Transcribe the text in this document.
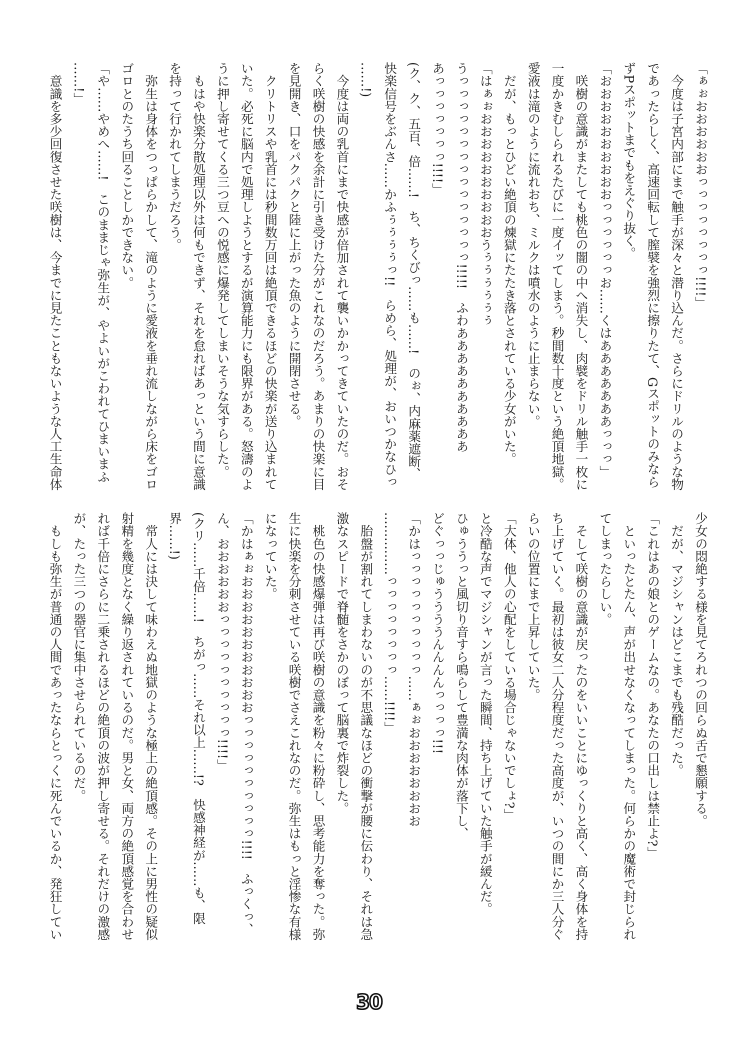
「ぁぉおおおおおおっっっっっっっっ!!!!」
　今度は子宮内部にまで触手が深々と潜り込んだ。さらにドリルのような物
であったらしく、高速回転して膣襞を強烈に擦りたて、Gスポットのみなら
ずPスポットまでもをえぐり抜く。
「おおおおおおおおおおっっっっっっお……くはあああああああっっっ」
　咲樹の意識がまたしても桃色の闇の中へ消失し、肉襞をドリル触手一枚に
一度かきむしられるたびに一度イッてしまう。秒間数十度という絶頂地獄。
愛液は滝のように流れおち、ミルクは噴水のように止まらない。
　だが、もっとひどい絶頂の煉獄にたたき落とされている少女がいた。
「はぁぉおおおおおおおおおおうぅぅぅぅぅぅ
うっっっっっっっっっっっっっっっ!!!!!　ふわああああああああああ
あっっっっっっっ!!!!」
(ク、ク、五百、倍……!　ち、ちくびっ……も……!　のぉ、内麻薬遮断、
快楽信号をぶんさ……かふぅぅぅぅっ!!　らめら、処理が、おいつかなひっ
……!)
　今度は両の乳首にまで快感が倍加されて襲いかかってきていたのだ。おそ
らく咲樹の快感を余計に引き受けた分がこれなのだろう。あまりの快楽に目
を見開き、口をパクパクと陸に上がった魚のように開閉させる。
　クリトリスや乳首には秒間数万回は絶頂できるほどの快楽が送り込まれて
いた。必死に脳内で処理しようとするが演算能力にも限界がある。怒濤のよ
うに押し寄せてくる三つ豆への悦感に爆発してしまいそうな気すらした。
　もはや快楽分散処理以外は何もできず、それを怠ればあっという間に意識
を持って行かれてしまうだろう。
　弥生は身体をつっぱらかして、滝のように愛液を垂れ流しながら床をゴロ
ゴロとのたうち回ることしかできない。
「や……やめへ……!　このままじゃ弥生が、やよいがこわれてひまいまふ
……!」
　意識を多少回復させた咲樹は、今までに見たこともないような人工生命体
少女の悶絶する様を見てろれつの回らぬ舌で懇願する。
　だが、マジシャンはどこまでも残酷だった。
「これはあの娘とのゲームなの。あなたの口出しは禁止よ?」
　といったとたん、声が出せなくなってしまった。何らかの魔術で封じられ
てしまったらしい。
　そして咲樹の意識が戻ったのをいいことにゆっくりと高く、高く身体を持
ち上げていく。最初は彼女二人分程度だった高度が、いつの間にか三人分ぐ
らいの位置にまで上昇していた。
「大体、他人の心配をしている場合じゃないでしょ?」
と冷酷な声でマジシャンが言った瞬間、持ち上げていた触手が緩んだ。
ひゅううっと風切り音すら鳴らして豊満な肉体が落下し、
どぐっっじゅううううんんんんっっっっ!!!
「かはっっっっっっっっっっ……ぁぉおおおおおおおお
……………っっっっっっっっ……!!!!」
　胎盤が割れてしまわないのが不思議なほどの衝撃が腰に伝わり、それは急
激なスピードで脊髄をさかのぼって脳裏で炸裂した。
　桃色の快感爆弾は再び咲樹の意識を粉々に粉砕し、思考能力を奪った。弥
生に快楽を分刺させている咲樹でさえこれなのだ。弥生はもっと淫惨な有様
になっていた。
「かはぁぉおおおおおおおおおおおっっっっっっっっっっ!!!!　ふっくっ、
ん、おおおおおおっっっっっっっっっっ!!!!」
(クリ……千倍……!　ちがっ……それ以上……!?　快感神経が……も、限
界……!)
　常人には決して味わえぬ地獄のような極上の絶頂感。その上に男性の疑似
射精を幾度となく繰り返されているのだ。男と女、両方の絶頂感覚を合わせ
れば千倍にさらに二乗されるほどの絶頂の波が押し寄せる。それだけの激感
が、たった三つの器官に集中させられているのだ。
　もしも弥生が普通の人間であったならとっくに死んでいるか、発狂してい
30
